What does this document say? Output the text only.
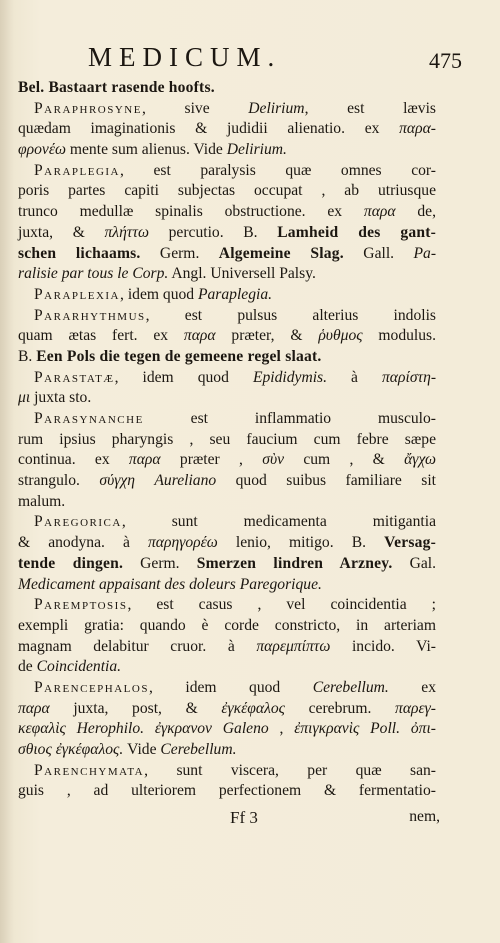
MEDICUM.	475
Bel. Bastaart rasende hoofts.
Paraphrosyne, sive Delirium, est lævis
quædam imaginationis & judidii alienatio. ex παρα-
φρονέω mente sum alienus. Vide Delirium.
Paraplegia, est paralysis quæ omnes cor-
poris partes capiti subjectas occupat , ab utriusque
trunco medullæ spinalis obstructione. ex παρα de,
juxta, & πλήττω percutio. B. Lamheid des gant-
schen lichaams. Germ. Algemeine Slag. Gall. Pa-
ralisie par tous le Corp. Angl. Universell Palsy.
Paraplexia, idem quod Paraplegia.
Pararhythmus, est pulsus alterius indolis
quam ætas fert. ex παρα præter, & ῥυθμος modulus.
B. Een Pols die tegen de gemeene regel slaat.
Parastatæ, idem quod Epididymis. à παρίστη-
μι juxta sto.
Parasynanche est inflammatio musculo-
rum ipsius pharyngis , seu faucium cum febre sæpe
continua. ex παρα præter , σὺν cum , & ἄγχω
strangulo. σύγχη Aureliano quod suibus familiare sit
malum.
Paregorica, sunt medicamenta mitigantia
& anodyna. à παρηγορέω lenio, mitigo. B. Versag-
tende dingen. Germ. Smerzen lindren Arzney. Gal.
Medicament appaisant des doleurs Paregorique.
Paremptosis, est casus , vel coincidentia ;
exempli gratia: quando è corde constricto, in arteriam
magnam delabitur cruor. à παρεμπίπτω incido. Vi-
de Coincidentia.
Parencephalos, idem quod Cerebellum. ex
παρα juxta, post, & ἐγκέφαλος cerebrum. παρεγ-
κεφαλὶς Herophilo. ἐγκρανον Galeno , ἐπιγκρανὶς Poll. ὀπι-
σθιος ἐγκέφαλος. Vide Cerebellum.
Parenchymata, sunt viscera, per quæ san-
guis , ad ulteriorem perfectionem & fermentatio-
Ff 3	nem,
